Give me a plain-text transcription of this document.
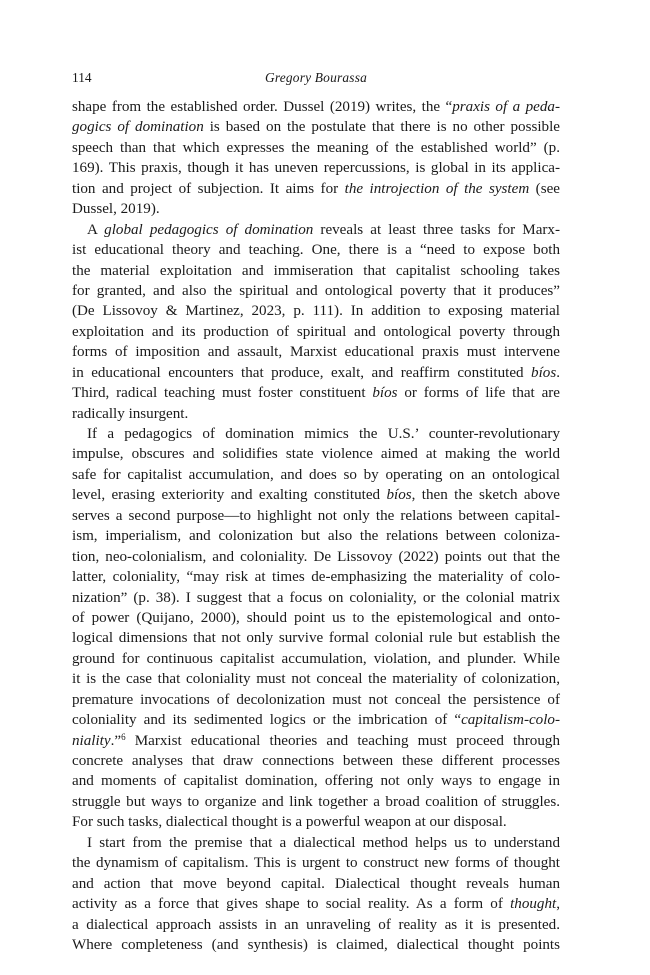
114	Gregory Bourassa

shape from the established order. Dussel (2019) writes, the “praxis of a peda-
gogics of domination is based on the postulate that there is no other possible
speech than that which expresses the meaning of the established world” (p.
169). This praxis, though it has uneven repercussions, is global in its applica-
tion and project of subjection. It aims for the introjection of the system (see
Dussel, 2019).

A global pedagogics of domination reveals at least three tasks for Marx-
ist educational theory and teaching. One, there is a “need to expose both
the material exploitation and immiseration that capitalist schooling takes
for granted, and also the spiritual and ontological poverty that it produces”
(De Lissovoy & Martinez, 2023, p. 111). In addition to exposing material
exploitation and its production of spiritual and ontological poverty through
forms of imposition and assault, Marxist educational praxis must intervene
in educational encounters that produce, exalt, and reaffirm constituted bíos.
Third, radical teaching must foster constituent bíos or forms of life that are
radically insurgent.

If a pedagogics of domination mimics the U.S.’ counter-revolutionary
impulse, obscures and solidifies state violence aimed at making the world
safe for capitalist accumulation, and does so by operating on an ontological
level, erasing exteriority and exalting constituted bíos, then the sketch above
serves a second purpose—to highlight not only the relations between capital-
ism, imperialism, and colonization but also the relations between coloniza-
tion, neo-colonialism, and coloniality. De Lissovoy (2022) points out that the
latter, coloniality, “may risk at times de-emphasizing the materiality of colo-
nization” (p. 38). I suggest that a focus on coloniality, or the colonial matrix
of power (Quijano, 2000), should point us to the epistemological and onto-
logical dimensions that not only survive formal colonial rule but establish the
ground for continuous capitalist accumulation, violation, and plunder. While
it is the case that coloniality must not conceal the materiality of colonization,
premature invocations of decolonization must not conceal the persistence of
coloniality and its sedimented logics or the imbrication of “capitalism-colo-
niality.”$^6$ Marxist educational theories and teaching must proceed through
concrete analyses that draw connections between these different processes
and moments of capitalist domination, offering not only ways to engage in
struggle but ways to organize and link together a broad coalition of struggles.
For such tasks, dialectical thought is a powerful weapon at our disposal.

I start from the premise that a dialectical method helps us to understand
the dynamism of capitalism. This is urgent to construct new forms of thought
and action that move beyond capital. Dialectical thought reveals human
activity as a force that gives shape to social reality. As a form of thought,
a dialectical approach assists in an unraveling of reality as it is presented.
Where completeness (and synthesis) is claimed, dialectical thought points
